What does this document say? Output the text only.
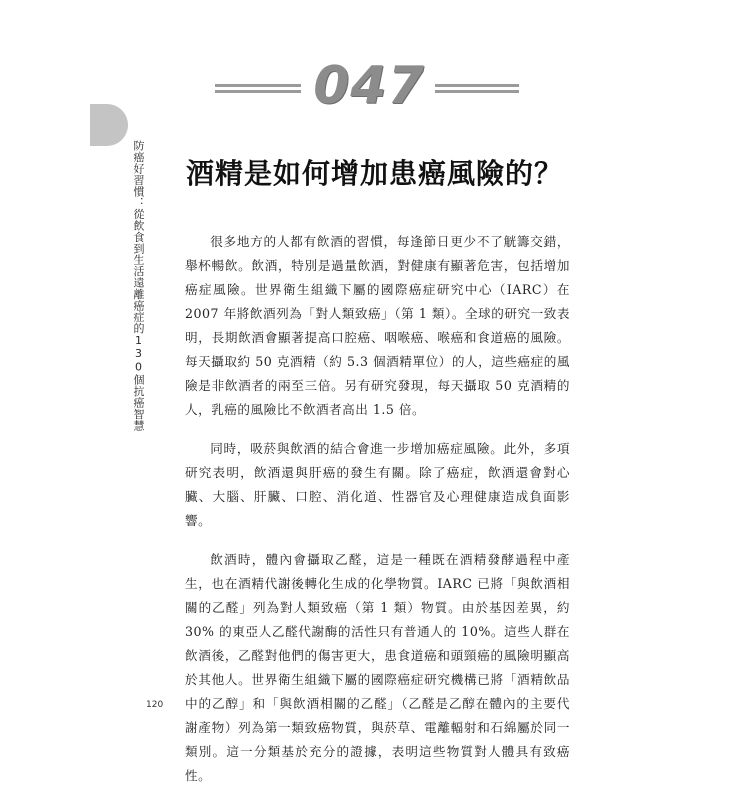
047
防癌好習慣：從飲食到生活遠離癌症的130個抗癌智慧 酒精是如何增加患癌風險的？

很多地方的人都有飲酒的習慣，每逢節日更少不了觥籌交錯，舉杯暢飲。飲酒，特別是過量飲酒，對健康有顯著危害，包括增加癌症風險。世界衛生組織下屬的國際癌症研究中心（IARC）在 2007 年將飲酒列為「對人類致癌」（第 1 類）。全球的研究一致表明，長期飲酒會顯著提高口腔癌、咽喉癌、喉癌和食道癌的風險。每天攝取約 50 克酒精（約 5.3 個酒精單位）的人，這些癌症的風險是非飲酒者的兩至三倍。另有研究發現，每天攝取 50 克酒精的人，乳癌的風險比不飲酒者高出 1.5 倍。

同時，吸菸與飲酒的結合會進一步增加癌症風險。此外，多項研究表明，飲酒還與肝癌的發生有關。除了癌症，飲酒還會對心臟、大腦、肝臟、口腔、消化道、性器官及心理健康造成負面影響。

飲酒時，體內會攝取乙醛，這是一種既在酒精發酵過程中產生，也在酒精代謝後轉化生成的化學物質。IARC 已將「與飲酒相關的乙醛」列為對人類致癌（第 1 類）物質。由於基因差異，約 30% 的東亞人乙醛代謝酶的活性只有普通人的 10%。這些人群在飲酒後，乙醛對他們的傷害更大，患食道癌和頭頸癌的風險明顯高於其他人。世界衛生組織下屬的國際癌症研究機構已將「酒精飲品中的乙醇」和「與飲酒相關的乙醛」（乙醛是乙醇在體內的主要代謝產物）列為第一類致癌物質，與菸草、電離輻射和石綿屬於同一類別。這一分類基於充分的證據，表明這些物質對人體具有致癌性。

120
